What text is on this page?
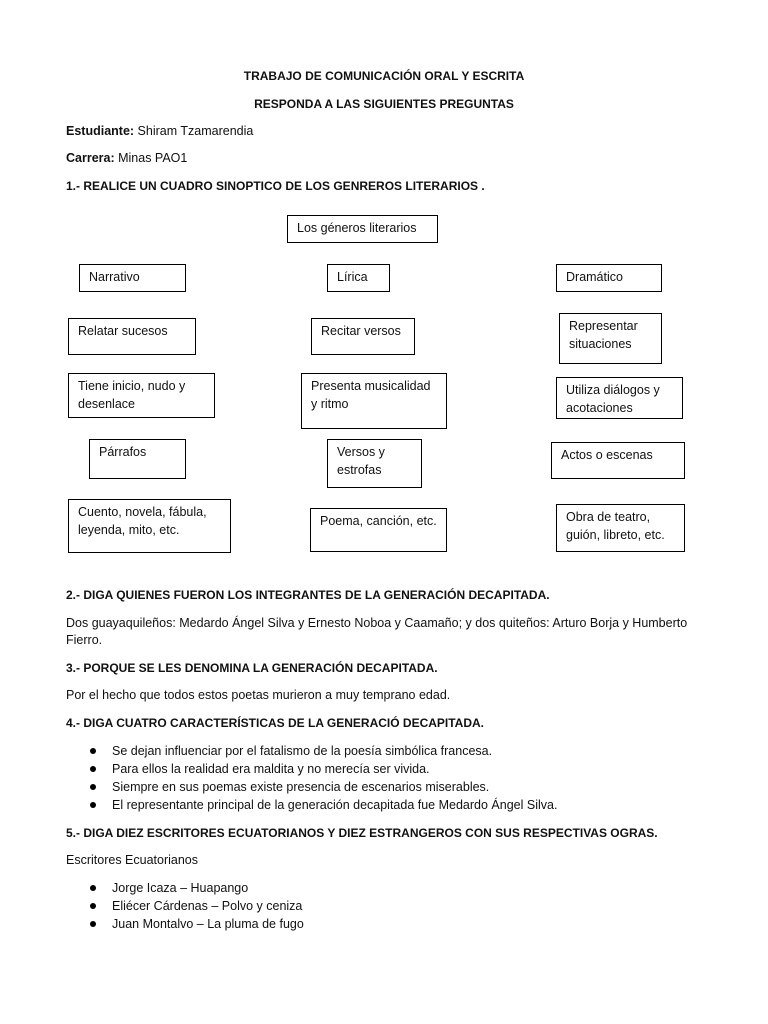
TRABAJO DE COMUNICACIÓN ORAL Y ESCRITA
RESPONDA A LAS SIGUIENTES PREGUNTAS
Estudiante: Shiram Tzamarendia
Carrera: Minas PAO1
1.- REALICE UN CUADRO SINOPTICO DE LOS GENREROS LITERARIOS .
Los géneros literarios
Narrativo
Relatar sucesos
Tiene inicio, nudo y desenlace
Párrafos
Cuento, novela, fábula, leyenda, mito, etc.
Lírica
Recitar versos
Presenta musicalidad y ritmo
Versos y estrofas
Poema, canción, etc.
Dramático
Representar situaciones
Utiliza diálogos y acotaciones
Actos o escenas
Obra de teatro, guión, libreto, etc.
2.- DIGA QUIENES FUERON LOS INTEGRANTES DE LA GENERACIÓN DECAPITADA.
Dos guayaquileños: Medardo Ángel Silva y Ernesto Noboa y Caamaño; y dos quiteños: Arturo Borja y Humberto Fierro.
3.- PORQUE SE LES DENOMINA LA GENERACIÓN DECAPITADA.
Por el hecho que todos estos poetas murieron a muy temprano edad.
4.- DIGA CUATRO CARACTERÍSTICAS DE LA GENERACIÓ DECAPITADA.
Se dejan influenciar por el fatalismo de la poesía simbólica francesa.
Para ellos la realidad era maldita y no merecía ser vivida.
Siempre en sus poemas existe presencia de escenarios miserables.
El representante principal de la generación decapitada fue Medardo Ángel Silva.
5.- DIGA DIEZ ESCRITORES ECUATORIANOS Y DIEZ ESTRANGEROS CON SUS RESPECTIVAS OGRAS.
Escritores Ecuatorianos
Jorge Icaza – Huapango
Eliécer Cárdenas – Polvo y ceniza
Juan Montalvo – La pluma de fugo
